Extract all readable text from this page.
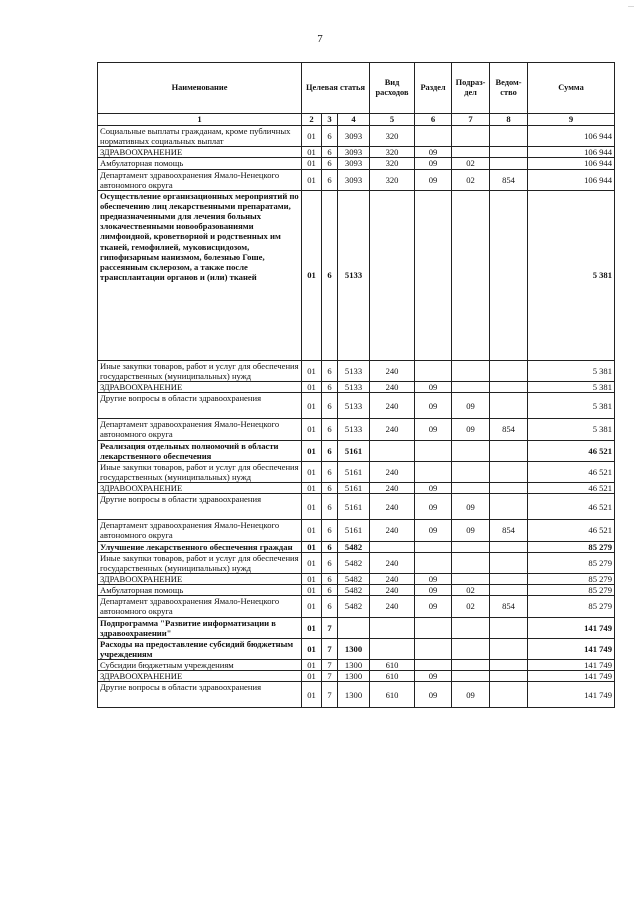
7
...
Наименование	Целевая статья			Вид расходов	Раздел	Подраз-дел	Ведом-ство	Сумма
1	2	3	4	5	6	7	8	9
Социальные выплаты гражданам, кроме публичных нормативных социальных выплат	01	6	3093	320				106 944
ЗДРАВООХРАНЕНИЕ	01	6	3093	320	09			106 944
Амбулаторная помощь	01	6	3093	320	09	02		106 944
Департамент здравоохранения Ямало-Ненецкого автономного округа	01	6	3093	320	09	02	854	106 944
Осуществление организационных мероприятий по обеспечению лиц лекарственными препаратами, предназначенными для лечения больных злокачественными новообразованиями лимфоидной, кроветворной и родственных им тканей, гемофилией, муковисцидозом, гипофизарным нанизмом, болезнью Гоше, рассеянным склерозом, а также после трансплантации органов и (или) тканей	01	6	5133					5 381
Иные закупки товаров, работ и услуг для обеспечения государственных (муниципальных) нужд	01	6	5133	240				5 381
ЗДРАВООХРАНЕНИЕ	01	6	5133	240	09			5 381
Другие вопросы в области здравоохранения	01	6	5133	240	09	09		5 381
Департамент здравоохранения Ямало-Ненецкого автономного округа	01	6	5133	240	09	09	854	5 381
Реализация отдельных полномочий в области лекарственного обеспечения	01	6	5161					46 521
Иные закупки товаров, работ и услуг для обеспечения государственных (муниципальных) нужд	01	6	5161	240				46 521
ЗДРАВООХРАНЕНИЕ	01	6	5161	240	09			46 521
Другие вопросы в области здравоохранения	01	6	5161	240	09	09		46 521
Департамент здравоохранения Ямало-Ненецкого автономного округа	01	6	5161	240	09	09	854	46 521
Улучшение лекарственного обеспечения граждан	01	6	5482					85 279
Иные закупки товаров, работ и услуг для обеспечения государственных (муниципальных) нужд	01	6	5482	240				85 279
ЗДРАВООХРАНЕНИЕ	01	6	5482	240	09			85 279
Амбулаторная помощь	01	6	5482	240	09	02		85 279
Департамент здравоохранения Ямало-Ненецкого автономного округа	01	6	5482	240	09	02	854	85 279
Подпрограмма "Развитие информатизации в здравоохранении"	01	7						141 749
Расходы на предоставление субсидий бюджетным учреждениям	01	7	1300					141 749
Субсидии бюджетным учреждениям	01	7	1300	610				141 749
ЗДРАВООХРАНЕНИЕ	01	7	1300	610	09			141 749
Другие вопросы в области здравоохранения	01	7	1300	610	09	09		141 749
